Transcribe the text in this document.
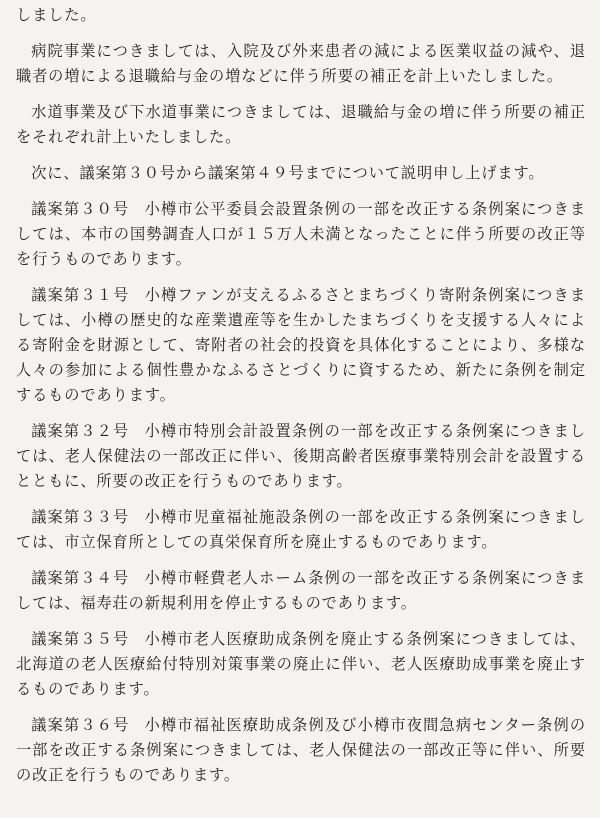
しました。

病院事業につきましては、入院及び外来患者の減による医業収益の減や、退職者の増による退職給与金の増などに伴う所要の補正を計上いたしました。

水道事業及び下水道事業につきましては、退職給与金の増に伴う所要の補正をそれぞれ計上いたしました。

次に、議案第３０号から議案第４９号までについて説明申し上げます。

議案第３０号 小樽市公平委員会設置条例の一部を改正する条例案につきましては、本市の国勢調査人口が１５万人未満となったことに伴う所要の改正等を行うものであります。

議案第３１号 小樽ファンが支えるふるさとまちづくり寄附条例案につきましては、小樽の歴史的な産業遺産等を生かしたまちづくりを支援する人々による寄附金を財源として、寄附者の社会的投資を具体化することにより、多様な人々の参加による個性豊かなふるさとづくりに資するため、新たに条例を制定するものであります。

議案第３２号 小樽市特別会計設置条例の一部を改正する条例案につきましては、老人保健法の一部改正に伴い、後期高齢者医療事業特別会計を設置するとともに、所要の改正を行うものであります。

議案第３３号 小樽市児童福祉施設条例の一部を改正する条例案につきましては、市立保育所としての真栄保育所を廃止するものであります。

議案第３４号 小樽市軽費老人ホーム条例の一部を改正する条例案につきましては、福寿荘の新規利用を停止するものであります。

議案第３５号 小樽市老人医療助成条例を廃止する条例案につきましては、北海道の老人医療給付特別対策事業の廃止に伴い、老人医療助成事業を廃止するものであります。

議案第３６号 小樽市福祉医療助成条例及び小樽市夜間急病センター条例の一部を改正する条例案につきましては、老人保健法の一部改正等に伴い、所要の改正を行うものであります。
